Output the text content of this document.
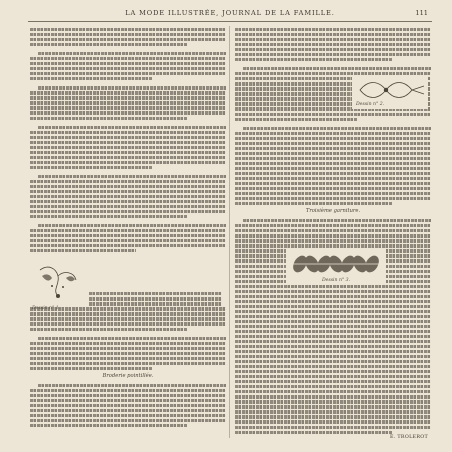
LA MODE ILLUSTRÉE, JOURNAL DE LA FAMILLE.	111
Broderie pointillée.
Dessin n° 1.
Troisième garniture.
Dessin n° 2.
Dessin n° 3.
E. TROLEROT
